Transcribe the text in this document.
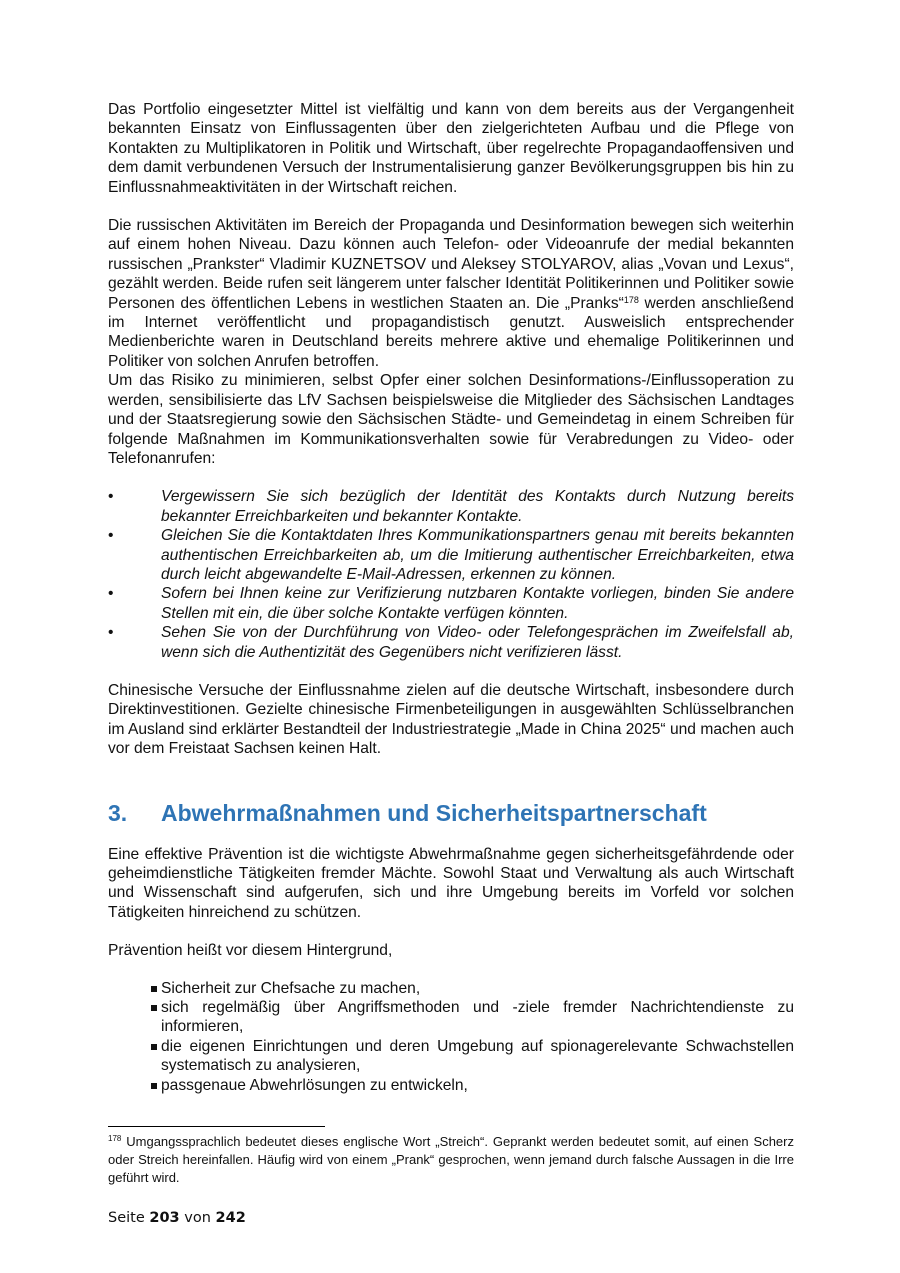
Das Portfolio eingesetzter Mittel ist vielfältig und kann von dem bereits aus der Vergangenheit bekannten Einsatz von Einflussagenten über den zielgerichteten Aufbau und die Pflege von Kontakten zu Multiplikatoren in Politik und Wirtschaft, über regelrechte Propagandaoffensiven und dem damit verbundenen Versuch der Instrumentalisierung ganzer Bevölkerungsgruppen bis hin zu Einflussnahmeaktivitäten in der Wirtschaft reichen.

Die russischen Aktivitäten im Bereich der Propaganda und Desinformation bewegen sich weiterhin auf einem hohen Niveau. Dazu können auch Telefon- oder Videoanrufe der medial bekannten russischen „Prankster“ Vladimir KUZNETSOV und Aleksey STOLYAROV, alias „Vovan und Lexus“, gezählt werden. Beide rufen seit längerem unter falscher Identität Politikerinnen und Politiker sowie Personen des öffentlichen Lebens in westlichen Staaten an. Die „Pranks“$^{178}$ werden anschließend im Internet veröffentlicht und propagandistisch genutzt. Ausweislich entsprechender Medienberichte waren in Deutschland bereits mehrere aktive und ehemalige Politikerinnen und Politiker von solchen Anrufen betroffen.

Um das Risiko zu minimieren, selbst Opfer einer solchen Desinformations-/Einflussoperation zu werden, sensibilisierte das LfV Sachsen beispielsweise die Mitglieder des Sächsischen Landtages und der Staatsregierung sowie den Sächsischen Städte- und Gemeindetag in einem Schreiben für folgende Maßnahmen im Kommunikationsverhalten sowie für Verabredungen zu Video- oder Telefonanrufen:

•	Vergewissern Sie sich bezüglich der Identität des Kontakts durch Nutzung bereits bekannter Erreichbarkeiten und bekannter Kontakte.
•	Gleichen Sie die Kontaktdaten Ihres Kommunikationspartners genau mit bereits bekannten authentischen Erreichbarkeiten ab, um die Imitierung authentischer Erreichbarkeiten, etwa durch leicht abgewandelte E-Mail-Adressen, erkennen zu können.
•	Sofern bei Ihnen keine zur Verifizierung nutzbaren Kontakte vorliegen, binden Sie andere Stellen mit ein, die über solche Kontakte verfügen könnten.
•	Sehen Sie von der Durchführung von Video- oder Telefongesprächen im Zweifelsfall ab, wenn sich die Authentizität des Gegenübers nicht verifizieren lässt.

Chinesische Versuche der Einflussnahme zielen auf die deutsche Wirtschaft, insbesondere durch Direktinvestitionen. Gezielte chinesische Firmenbeteiligungen in ausgewählten Schlüsselbranchen im Ausland sind erklärter Bestandteil der Industriestrategie „Made in China 2025“ und machen auch vor dem Freistaat Sachsen keinen Halt.

3.	Abwehrmaßnahmen und Sicherheitspartnerschaft

Eine effektive Prävention ist die wichtigste Abwehrmaßnahme gegen sicherheitsgefährdende oder geheimdienstliche Tätigkeiten fremder Mächte. Sowohl Staat und Verwaltung als auch Wirtschaft und Wissenschaft sind aufgerufen, sich und ihre Umgebung bereits im Vorfeld vor solchen Tätigkeiten hinreichend zu schützen.

Prävention heißt vor diesem Hintergrund,

Sicherheit zur Chefsache zu machen,
sich regelmäßig über Angriffsmethoden und -ziele fremder Nachrichtendienste zu informieren,
die eigenen Einrichtungen und deren Umgebung auf spionagerelevante Schwachstellen systematisch zu analysieren,
passgenaue Abwehrlösungen zu entwickeln,
$^{178}$ Umgangssprachlich bedeutet dieses englische Wort „Streich“. Geprankt werden bedeutet somit, auf einen Scherz oder Streich hereinfallen. Häufig wird von einem „Prank“ gesprochen, wenn jemand durch falsche Aussagen in die Irre geführt wird.
Seite 203 von 242
